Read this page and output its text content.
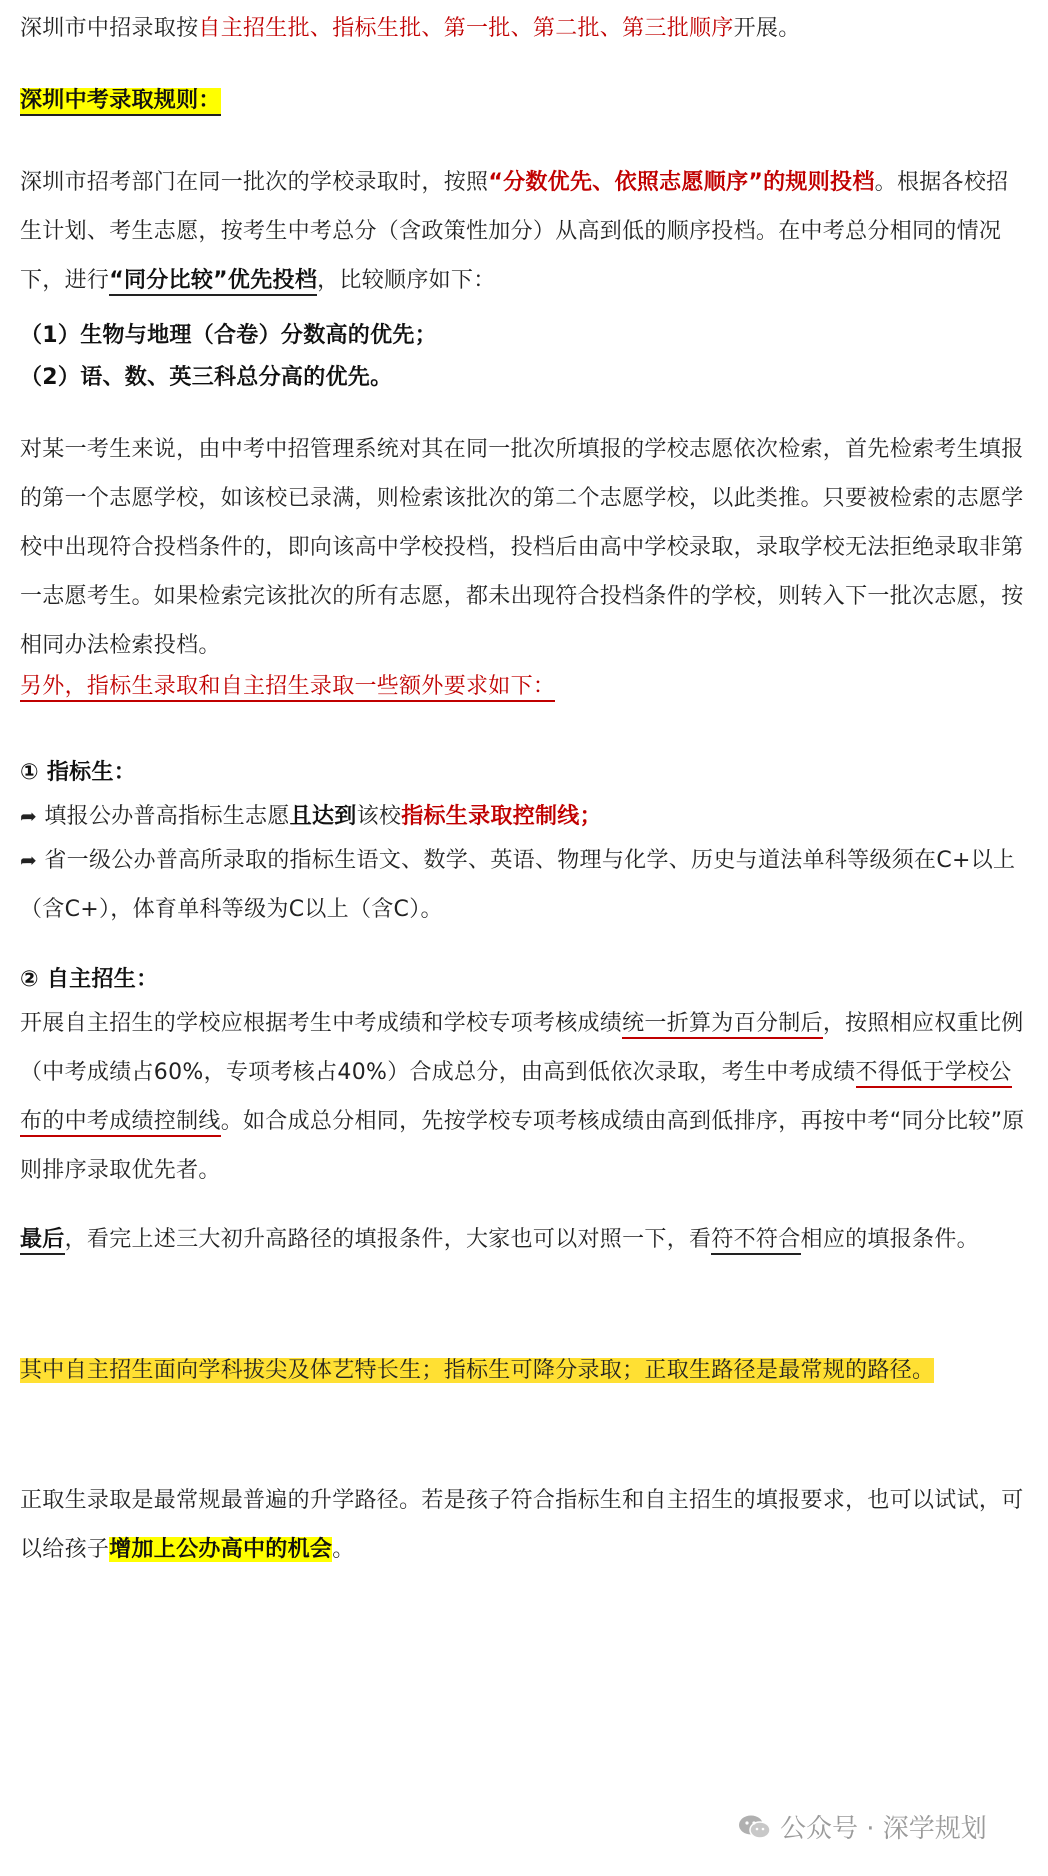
深圳市中招录取按自主招生批、指标生批、第一批、第二批、第三批顺序开展。

深圳中考录取规则：

深圳市招考部门在同一批次的学校录取时，按照“分数优先、依照志愿顺序”的规则投档。根据各校招生计划、考生志愿，按考生中考总分（含政策性加分）从高到低的顺序投档。在中考总分相同的情况下，进行“同分比较”优先投档，比较顺序如下：

（1）生物与地理（合卷）分数高的优先；

（2）语、数、英三科总分高的优先。

对某一考生来说，由中考中招管理系统对其在同一批次所填报的学校志愿依次检索，首先检索考生填报的第一个志愿学校，如该校已录满，则检索该批次的第二个志愿学校，以此类推。只要被检索的志愿学校中出现符合投档条件的，即向该高中学校投档，投档后由高中学校录取，录取学校无法拒绝录取非第一志愿考生。如果检索完该批次的所有志愿，都未出现符合投档条件的学校，则转入下一批次志愿，按相同办法检索投档。

另外，指标生录取和自主招生录取一些额外要求如下：

① 指标生：

➦ 填报公办普高指标生志愿且达到该校指标生录取控制线；

➦ 省一级公办普高所录取的指标生语文、数学、英语、物理与化学、历史与道法单科等级须在C+以上（含C+），体育单科等级为C以上（含C）。

② 自主招生：

开展自主招生的学校应根据考生中考成绩和学校专项考核成绩统一折算为百分制后，按照相应权重比例（中考成绩占60%，专项考核占40%）合成总分，由高到低依次录取，考生中考成绩不得低于学校公布的中考成绩控制线。如合成总分相同，先按学校专项考核成绩由高到低排序，再按中考“同分比较”原则排序录取优先者。

最后，看完上述三大初升高路径的填报条件，大家也可以对照一下，看符不符合相应的填报条件。

其中自主招生面向学科拔尖及体艺特长生；指标生可降分录取；正取生路径是最常规的路径。

正取生录取是最常规最普遍的升学路径。若是孩子符合指标生和自主招生的填报要求，也可以试试，可以给孩子增加上公办高中的机会。

公众号 · 深学规划
